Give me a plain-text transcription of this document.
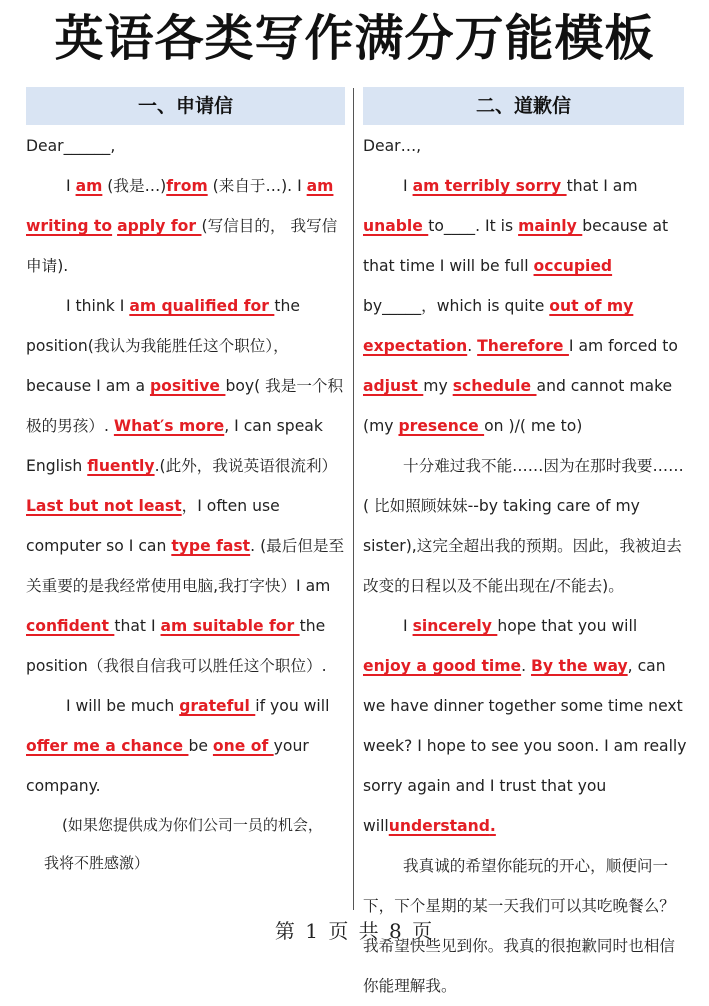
英语各类写作满分万能模板
一、申请信	二、道歉信

Dear______,

I am (我是…)from (来自于…). I am writing to apply for (写信目的， 我写信申请).

I think I am qualified for the position(我认为我能胜任这个职位），because I am a positive boy( 我是一个积极的男孩）. What′s more, I can speak English fluently.(此外，我说英语很流利）Last but not least，I often use computer so I can type fast. (最后但是至关重要的是我经常使用电脑,我打字快）I am confident that I am suitable for the position（我很自信我可以胜任这个职位）.

I will be much grateful if you will offer me a chance be one of your company.

(如果您提供成为你们公司一员的机会，

我将不胜感激）

Dear…,

I am terribly sorry that I am unable to____. It is mainly because at that time I will be full occupied by_____，which is quite out of my expectation. Therefore I am forced to adjust my schedule and cannot make (my presence on )/( me to)

十分难过我不能……因为在那时我要……( 比如照顾妹妹--by taking care of my sister),这完全超出我的预期。因此，我被迫去改变的日程以及不能出现在/不能去)。

I sincerely hope that you will enjoy a good time. By the way, can we have dinner together some time next week? I hope to see you soon. I am really sorry again and I trust that you willunderstand.

我真诚的希望你能玩的开心，顺便问一下，下个星期的某一天我们可以其吃晚餐么？我希望快些见到你。我真的很抱歉同时也相信你能理解我。

第 1 页 共 8 页
